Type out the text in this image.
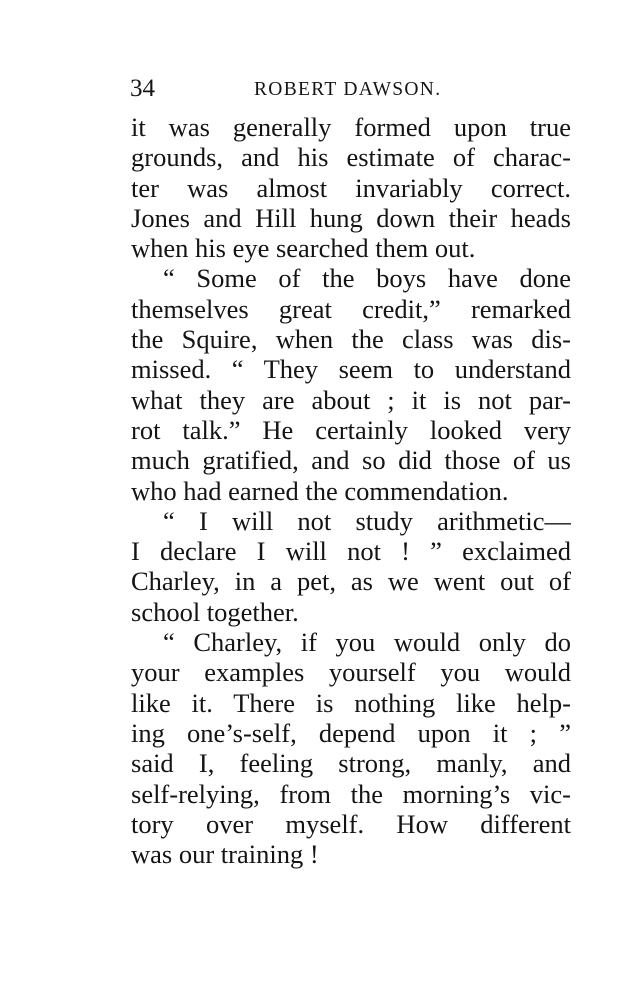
34	ROBERT DAWSON.
it was generally formed upon true
grounds, and his estimate of charac-
ter was almost invariably correct.
Jones and Hill hung down their heads
when his eye searched them out.
“ Some of the boys have done
themselves great credit,” remarked
the Squire, when the class was dis-
missed. “ They seem to understand
what they are about ; it is not par-
rot talk.” He certainly looked very
much gratified, and so did those of us
who had earned the commendation.
“ I will not study arithmetic—
I declare I will not ! ” exclaimed
Charley, in a pet, as we went out of
school together.
“ Charley, if you would only do
your examples yourself you would
like it. There is nothing like help-
ing one’s-self, depend upon it ; ”
said I, feeling strong, manly, and
self-relying, from the morning’s vic-
tory over myself. How different
was our training !
